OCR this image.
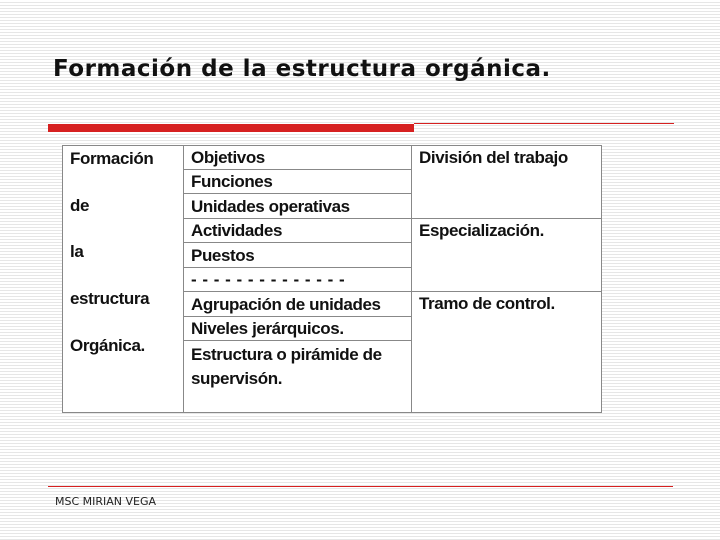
Formación de la estructura orgánica.
Formación
de
la
estructura
Orgánica.
Objetivos
Funciones
Unidades operativas
Actividades
Puestos
- - - - - - - - - - - - - -
Agrupación de unidades
Niveles jerárquicos.
Estructura o pirámide de
supervisón.
División del trabajo
Especialización.
Tramo de control.
MSC MIRIAN VEGA
